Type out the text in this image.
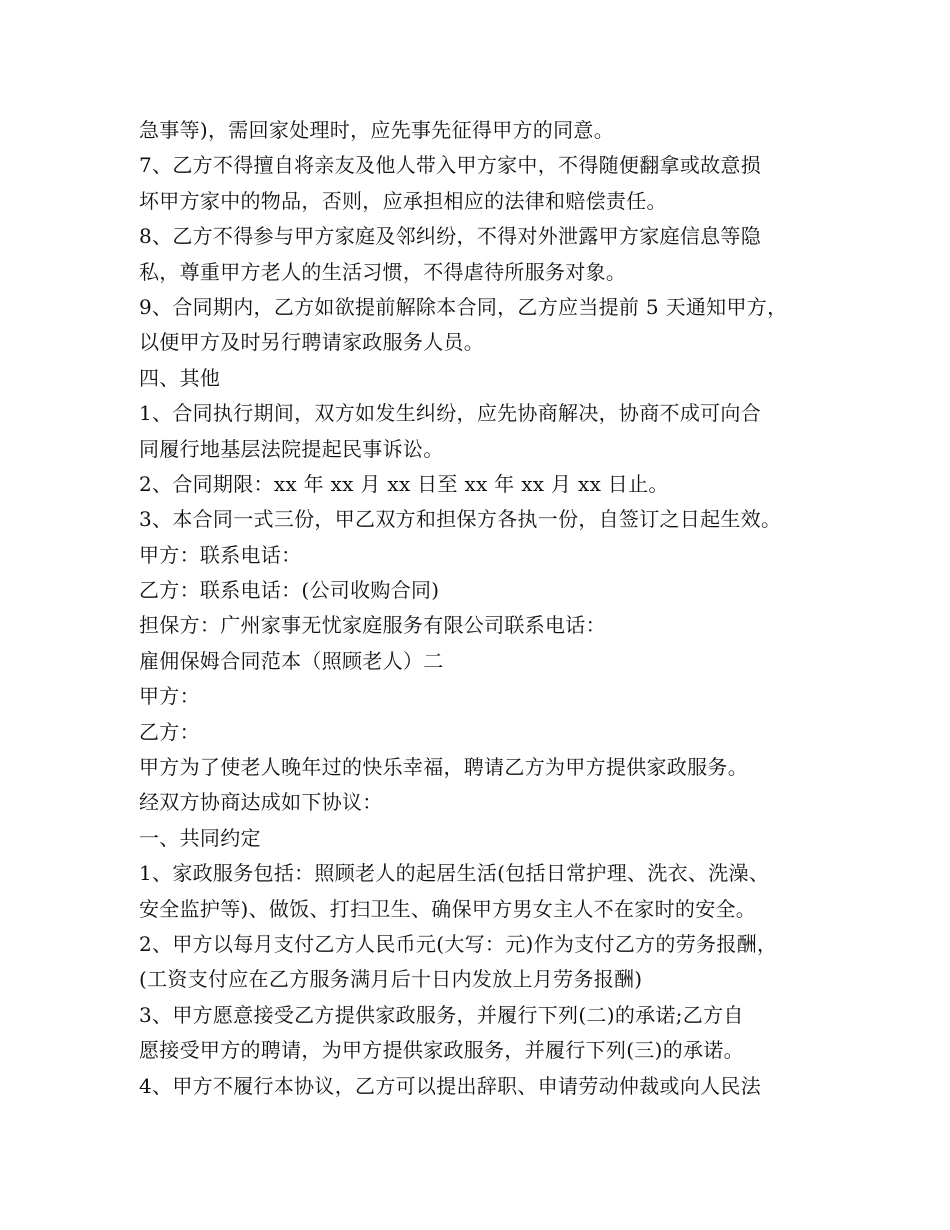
急事等)，需回家处理时，应先事先征得甲方的同意。
7、乙方不得擅自将亲友及他人带入甲方家中，不得随便翻拿或故意损
坏甲方家中的物品，否则，应承担相应的法律和赔偿责任。
8、乙方不得参与甲方家庭及邻纠纷，不得对外泄露甲方家庭信息等隐
私，尊重甲方老人的生活习惯，不得虐待所服务对象。
9、合同期内，乙方如欲提前解除本合同，乙方应当提前 5 天通知甲方，
以便甲方及时另行聘请家政服务人员。
四、其他
1、合同执行期间，双方如发生纠纷，应先协商解决，协商不成可向合
同履行地基层法院提起民事诉讼。
2、合同期限：xx 年 xx 月 xx 日至 xx 年 xx 月 xx 日止。
3、本合同一式三份，甲乙双方和担保方各执一份，自签订之日起生效。
甲方：联系电话：
乙方：联系电话：(公司收购合同)
担保方：广州家事无忧家庭服务有限公司联系电话：
雇佣保姆合同范本（照顾老人）二
甲方：
乙方：
甲方为了使老人晚年过的快乐幸福，聘请乙方为甲方提供家政服务。
经双方协商达成如下协议：
一、共同约定
1、家政服务包括：照顾老人的起居生活(包括日常护理、洗衣、洗澡、
安全监护等)、做饭、打扫卫生、确保甲方男女主人不在家时的安全。
2、甲方以每月支付乙方人民币元(大写：元)作为支付乙方的劳务报酬，
(工资支付应在乙方服务满月后十日内发放上月劳务报酬)
3、甲方愿意接受乙方提供家政服务，并履行下列(二)的承诺;乙方自
愿接受甲方的聘请，为甲方提供家政服务，并履行下列(三)的承诺。
4、甲方不履行本协议，乙方可以提出辞职、申请劳动仲裁或向人民法
